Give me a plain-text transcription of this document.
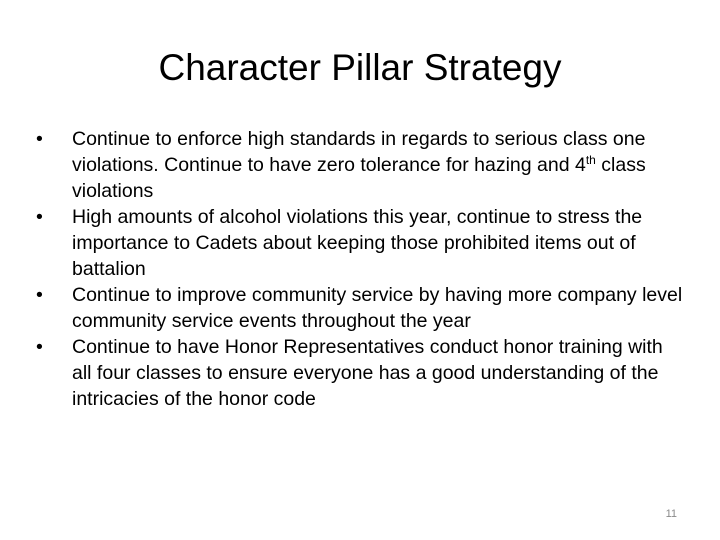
Character Pillar Strategy
•	Continue to enforce high standards in regards to serious class one violations. Continue to have zero tolerance for hazing and 4th class violations
•	High amounts of alcohol violations this year, continue to stress the importance to Cadets about keeping those prohibited items out of battalion
•	Continue to improve community service by having more company level community service events throughout the year
•	Continue to have Honor Representatives conduct honor training with all four classes to ensure everyone has a good understanding of the intricacies of the honor code
11
